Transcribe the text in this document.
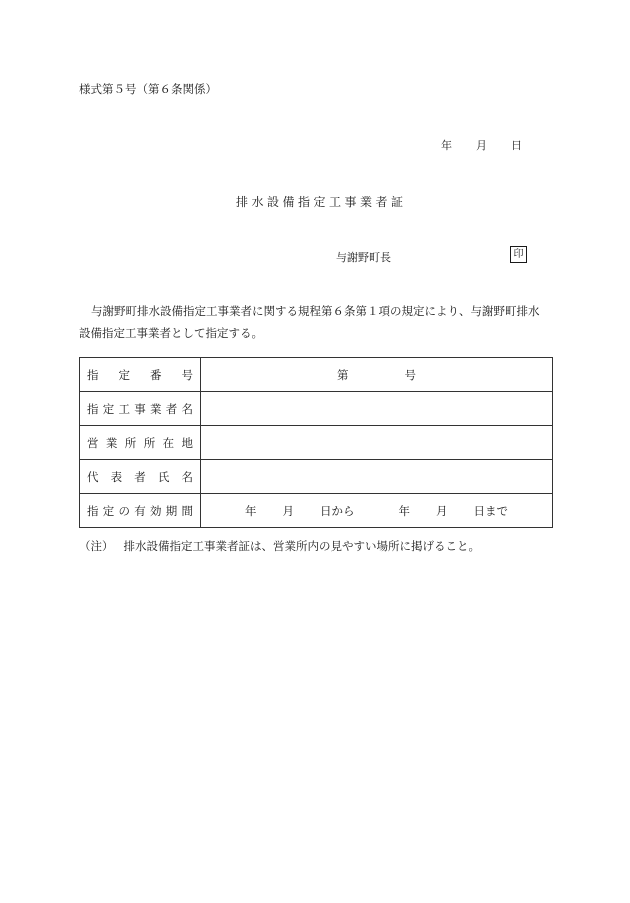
様式第５号（第６条関係）
年 月 日
排水設備指定工事業者証
与謝野町長	印
与謝野町排水設備指定工事業者に関する規程第６条第１項の規定により、与謝野町排水
設備指定工事業者として指定する。
指定番号	第 号
指定工事業者名	
営業所所在地	
代表者氏名	
指定の有効期間	年 月 日から 年 月 日まで
（注） 排水設備指定工事業者証は、営業所内の見やすい場所に掲げること。
